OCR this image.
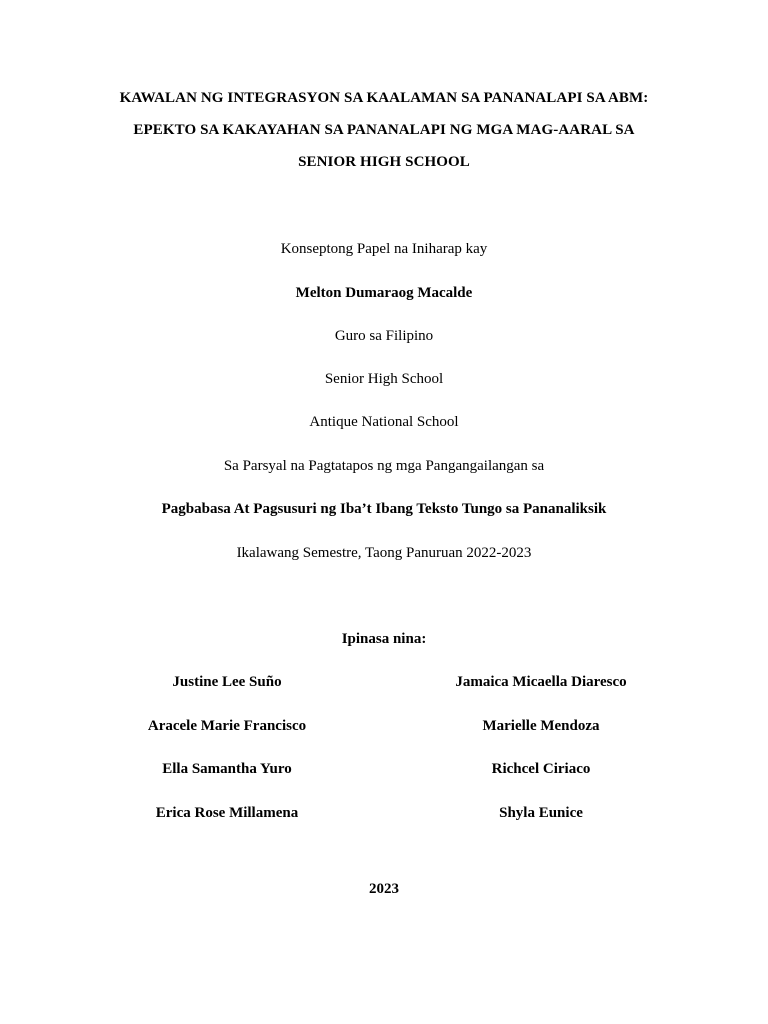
KAWALAN NG INTEGRASYON SA KAALAMAN SA PANANALAPI SA ABM:
EPEKTO SA KAKAYAHAN SA PANANALAPI NG MGA MAG-AARAL SA
SENIOR HIGH SCHOOL
Konseptong Papel na Iniharap kay
Melton Dumaraog Macalde
Guro sa Filipino
Senior High School
Antique National School
Sa Parsyal na Pagtatapos ng mga Pangangailangan sa
Pagbabasa At Pagsusuri ng Iba’t Ibang Teksto Tungo sa Pananaliksik
Ikalawang Semestre, Taong Panuruan 2022-2023
Ipinasa nina:
Justine Lee Suño	Jamaica Micaella Diaresco
Aracele Marie Francisco	Marielle Mendoza
Ella Samantha Yuro	Richcel Ciriaco
Erica Rose Millamena	Shyla Eunice
2023
